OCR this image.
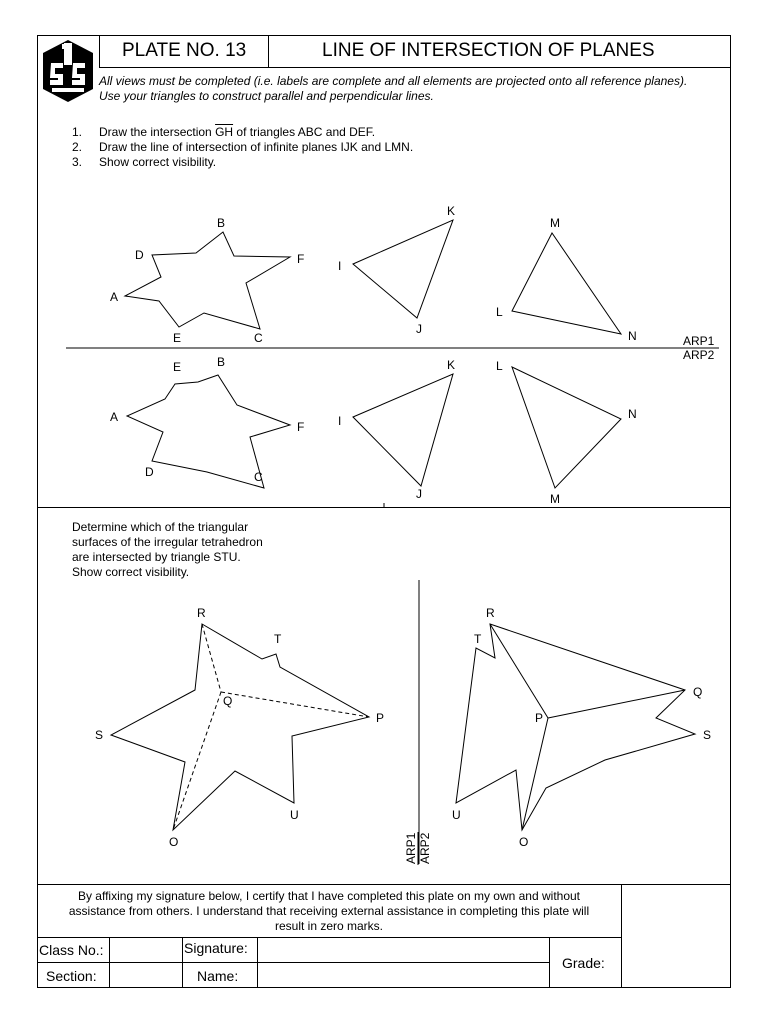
PLATE NO. 13	LINE OF INTERSECTION OF PLANES
All views must be completed (i.e. labels are complete and all elements are projected onto all reference planes).
Use your triangles to construct parallel and perpendicular lines.
1. Draw the intersection $\overline{GH}$ of triangles ABC and DEF.
2. Draw the line of intersection of infinite planes IJK and LMN.
3. Show correct visibility.
A
B
C
D
E
F	I
J
K
L
M
N	ARP1
ARP2
A
B
C
D
E
F	I
J
K	L
M
N
Determine which of the triangular
surfaces of the irregular tetrahedron
are intersected by triangle STU.
Show correct visibility.
R
T
Q
P
S
U
O
R
T
Q
P
S
U
O
ARP1 ARP2
By affixing my signature below, I certify that I have completed this plate on my own and without
assistance from others. I understand that receiving external assistance in completing this plate will
result in zero marks.
Class No.:	Signature:
Section:	Name:
Grade:
